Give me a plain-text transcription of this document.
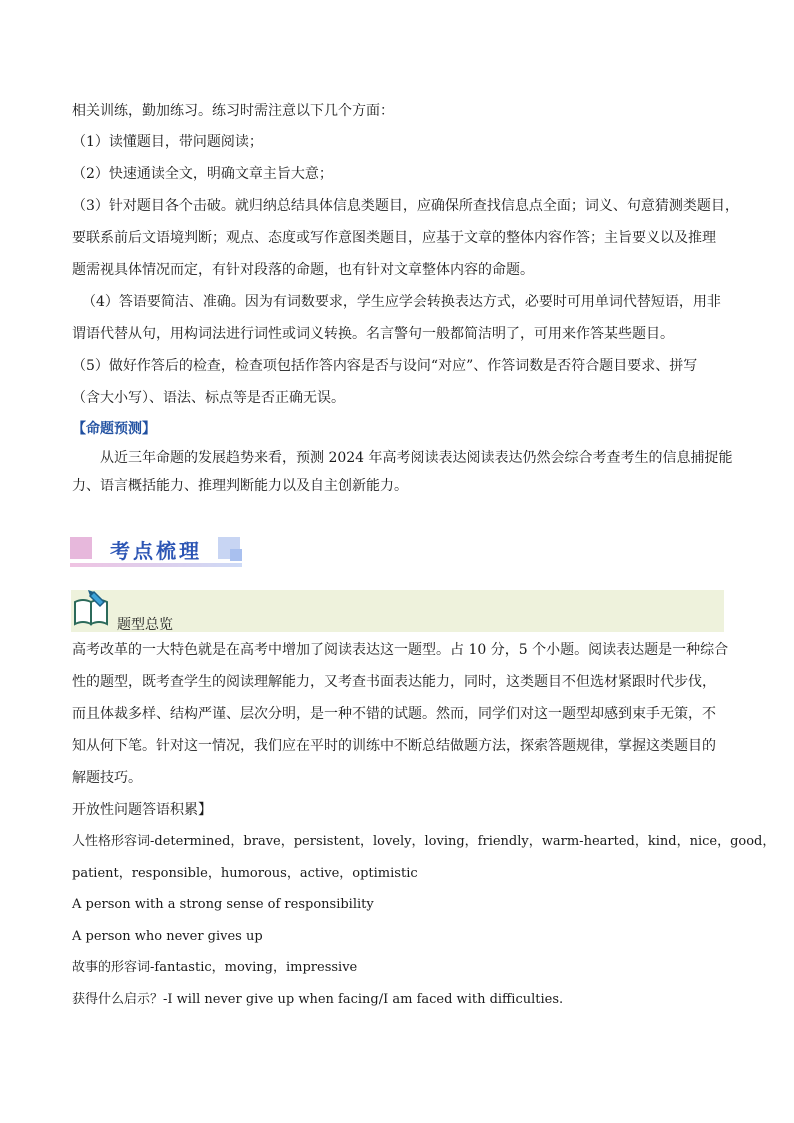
相关训练，勤加练习。练习时需注意以下几个方面：
（1）读懂题目，带问题阅读；
（2）快速通读全文，明确文章主旨大意；
（3）针对题目各个击破。就归纳总结具体信息类题目，应确保所查找信息点全面；词义、句意猜测类题目，
要联系前后文语境判断；观点、态度或写作意图类题目，应基于文章的整体内容作答；主旨要义以及推理
题需视具体情况而定，有针对段落的命题，也有针对文章整体内容的命题。
（4）答语要简洁、准确。因为有词数要求，学生应学会转换表达方式，必要时可用单词代替短语，用非
谓语代替从句，用构词法进行词性或词义转换。名言警句一般都简洁明了，可用来作答某些题目。
（5）做好作答后的检查，检查项包括作答内容是否与设问“对应”、作答词数是否符合题目要求、拼写
（含大小写）、语法、标点等是否正确无误。
【命题预测】
从近三年命题的发展趋势来看，预测 2024 年高考阅读表达阅读表达仍然会综合考查考生的信息捕捉能
力、语言概括能力、推理判断能力以及自主创新能力。
考点梳理
题型总览
高考改革的一大特色就是在高考中增加了阅读表达这一题型。占 10 分，5 个小题。阅读表达题是一种综合
性的题型，既考查学生的阅读理解能力，又考查书面表达能力，同时，这类题目不但选材紧跟时代步伐，
而且体裁多样、结构严谨、层次分明，是一种不错的试题。然而，同学们对这一题型却感到束手无策，不
知从何下笔。针对这一情况，我们应在平时的训练中不断总结做题方法，探索答题规律，掌握这类题目的
解题技巧。
开放性问题答语积累】
人性格形容词-determined，brave，persistent，lovely，loving，friendly，warm-hearted，kind，nice，good，
patient，responsible，humorous，active，optimistic
A person with a strong sense of responsibility
A person who never gives up
故事的形容词-fantastic，moving，impressive
获得什么启示？-I will never give up when facing/I am faced with difficulties.
